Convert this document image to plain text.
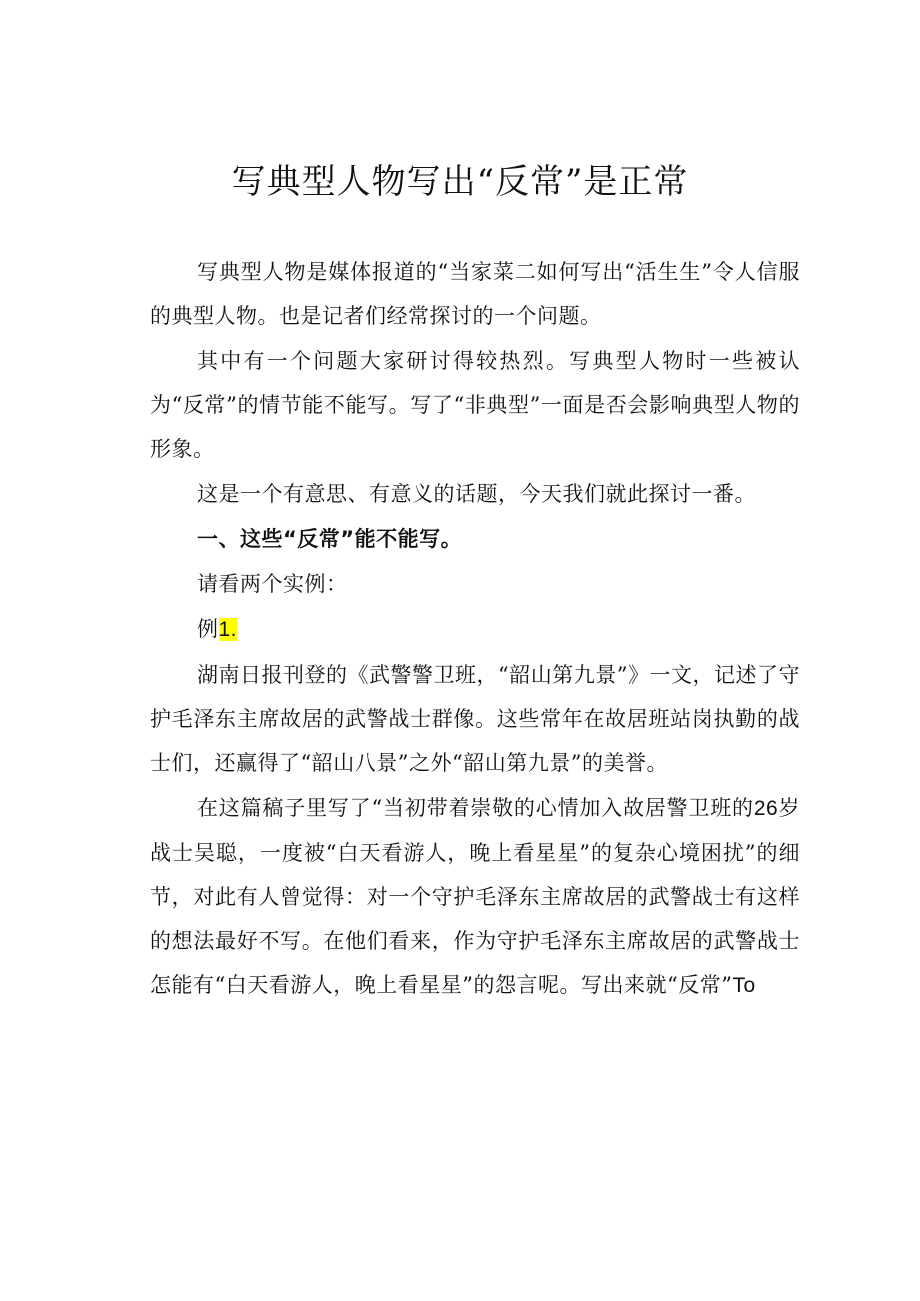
写典型人物写出“反常”是正常

写典型人物是媒体报道的“当家菜二如何写出“活生生”令人信服的典型人物。也是记者们经常探讨的一个问题。

其中有一个问题大家研讨得较热烈。写典型人物时一些被认为“反常”的情节能不能写。写了“非典型”一面是否会影响典型人物的形象。

这是一个有意思、有意义的话题，今天我们就此探讨一番。

一、这些“反常”能不能写。

请看两个实例：

例1.

湖南日报刊登的《武警警卫班，“韶山第九景”》一文，记述了守护毛泽东主席故居的武警战士群像。这些常年在故居班站岗执勤的战士们，还赢得了“韶山八景”之外“韶山第九景”的美誉。

在这篇稿子里写了“当初带着崇敬的心情加入故居警卫班的26岁战士吴聪，一度被“白天看游人，晚上看星星”的复杂心境困扰”的细节，对此有人曾觉得：对一个守护毛泽东主席故居的武警战士有这样的想法最好不写。在他们看来，作为守护毛泽东主席故居的武警战士怎能有“白天看游人，晚上看星星”的怨言呢。写出来就“反常”To
